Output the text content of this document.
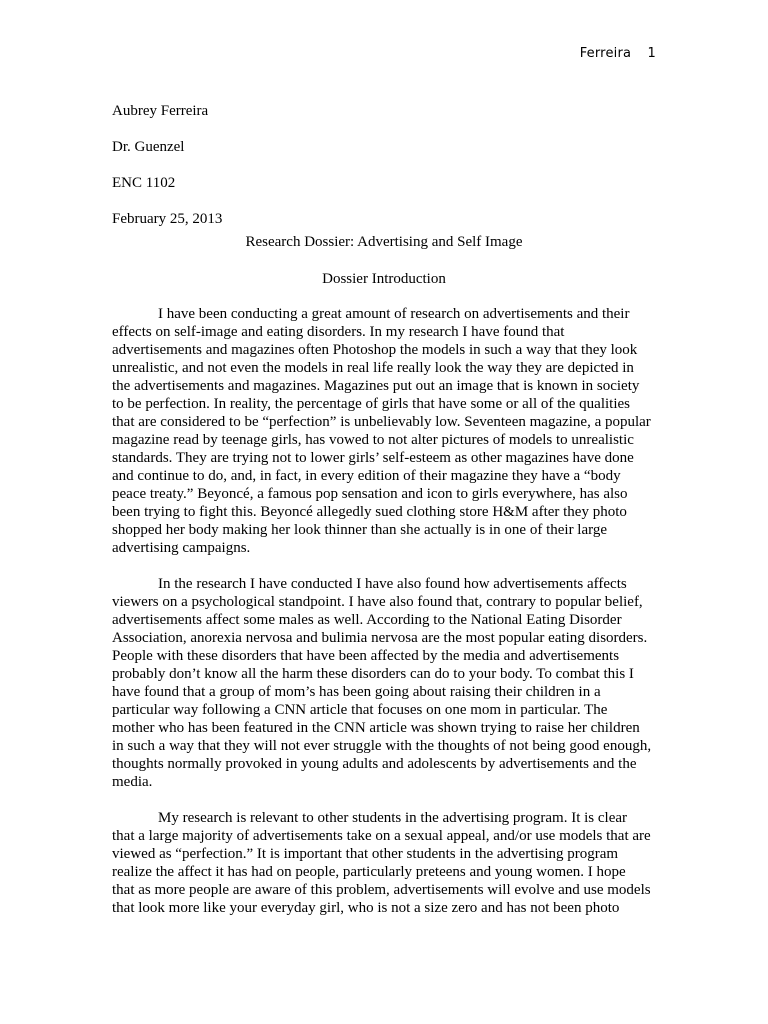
Ferreira 1
Aubrey Ferreira
Dr. Guenzel
ENC 1102
February 25, 2013
Research Dossier: Advertising and Self Image
Dossier Introduction
I have been conducting a great amount of research on advertisements and their
effects on self-image and eating disorders. In my research I have found that
advertisements and magazines often Photoshop the models in such a way that they look
unrealistic, and not even the models in real life really look the way they are depicted in
the advertisements and magazines. Magazines put out an image that is known in society
to be perfection. In reality, the percentage of girls that have some or all of the qualities
that are considered to be “perfection” is unbelievably low. Seventeen magazine, a popular
magazine read by teenage girls, has vowed to not alter pictures of models to unrealistic
standards. They are trying not to lower girls’ self-esteem as other magazines have done
and continue to do, and, in fact, in every edition of their magazine they have a “body
peace treaty.” Beyoncé, a famous pop sensation and icon to girls everywhere, has also
been trying to fight this. Beyoncé allegedly sued clothing store H&M after they photo
shopped her body making her look thinner than she actually is in one of their large
advertising campaigns.
In the research I have conducted I have also found how advertisements affects
viewers on a psychological standpoint. I have also found that, contrary to popular belief,
advertisements affect some males as well. According to the National Eating Disorder
Association, anorexia nervosa and bulimia nervosa are the most popular eating disorders.
People with these disorders that have been affected by the media and advertisements
probably don’t know all the harm these disorders can do to your body. To combat this I
have found that a group of mom’s has been going about raising their children in a
particular way following a CNN article that focuses on one mom in particular. The
mother who has been featured in the CNN article was shown trying to raise her children
in such a way that they will not ever struggle with the thoughts of not being good enough,
thoughts normally provoked in young adults and adolescents by advertisements and the
media.
My research is relevant to other students in the advertising program. It is clear
that a large majority of advertisements take on a sexual appeal, and/or use models that are
viewed as “perfection.” It is important that other students in the advertising program
realize the affect it has had on people, particularly preteens and young women. I hope
that as more people are aware of this problem, advertisements will evolve and use models
that look more like your everyday girl, who is not a size zero and has not been photo
